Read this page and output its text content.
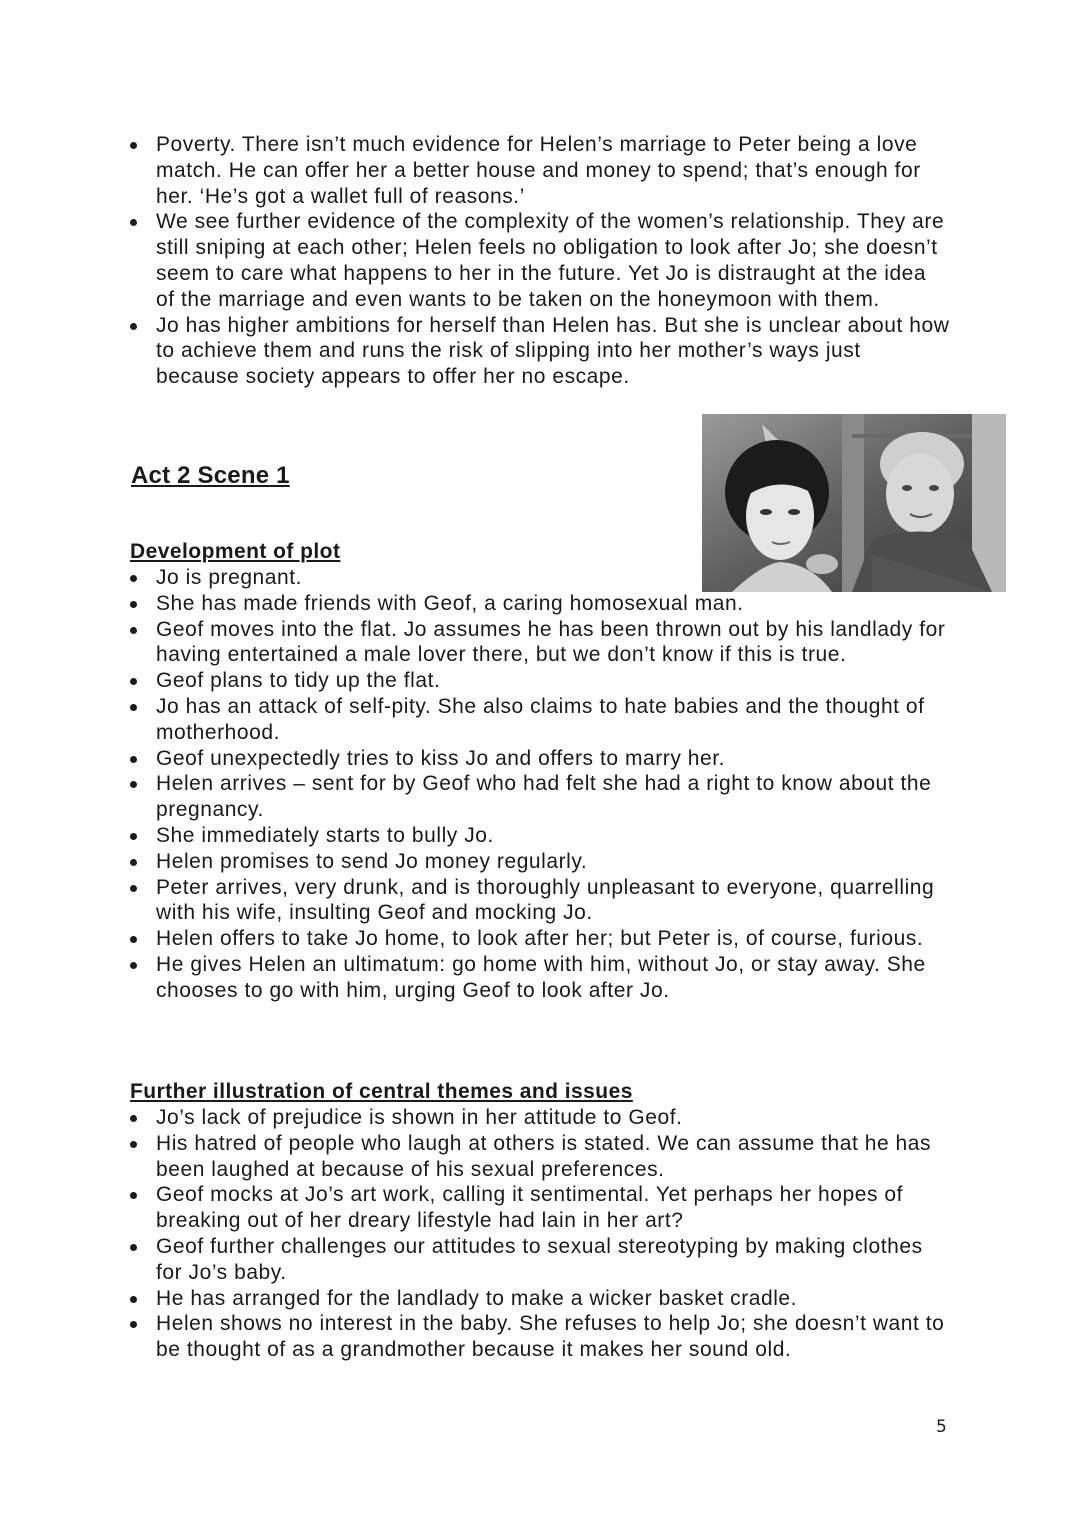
Poverty. There isn’t much evidence for Helen’s marriage to Peter being a love match. He can offer her a better house and money to spend; that’s enough for her. ‘He’s got a wallet full of reasons.’
We see further evidence of the complexity of the women’s relationship. They are still sniping at each other; Helen feels no obligation to look after Jo; she doesn’t seem to care what happens to her in the future. Yet Jo is distraught at the idea of the marriage and even wants to be taken on the honeymoon with them.
Jo has higher ambitions for herself than Helen has. But she is unclear about how to achieve them and runs the risk of slipping into her mother’s ways just because society appears to offer her no escape.
Act 2 Scene 1
Development of plot
Jo is pregnant.
She has made friends with Geof, a caring homosexual man.
Geof moves into the flat. Jo assumes he has been thrown out by his landlady for having entertained a male lover there, but we don’t know if this is true.
Geof plans to tidy up the flat.
Jo has an attack of self-pity. She also claims to hate babies and the thought of motherhood.
Geof unexpectedly tries to kiss Jo and offers to marry her.
Helen arrives – sent for by Geof who had felt she had a right to know about the pregnancy.
She immediately starts to bully Jo.
Helen promises to send Jo money regularly.
Peter arrives, very drunk, and is thoroughly unpleasant to everyone, quarrelling with his wife, insulting Geof and mocking Jo.
Helen offers to take Jo home, to look after her; but Peter is, of course, furious.
He gives Helen an ultimatum: go home with him, without Jo, or stay away. She chooses to go with him, urging Geof to look after Jo.
Further illustration of central themes and issues
Jo’s lack of prejudice is shown in her attitude to Geof.
His hatred of people who laugh at others is stated. We can assume that he has been laughed at because of his sexual preferences.
Geof mocks at Jo’s art work, calling it sentimental. Yet perhaps her hopes of breaking out of her dreary lifestyle had lain in her art?
Geof further challenges our attitudes to sexual stereotyping by making clothes for Jo’s baby.
He has arranged for the landlady to make a wicker basket cradle.
Helen shows no interest in the baby. She refuses to help Jo; she doesn’t want to be thought of as a grandmother because it makes her sound old.
5
